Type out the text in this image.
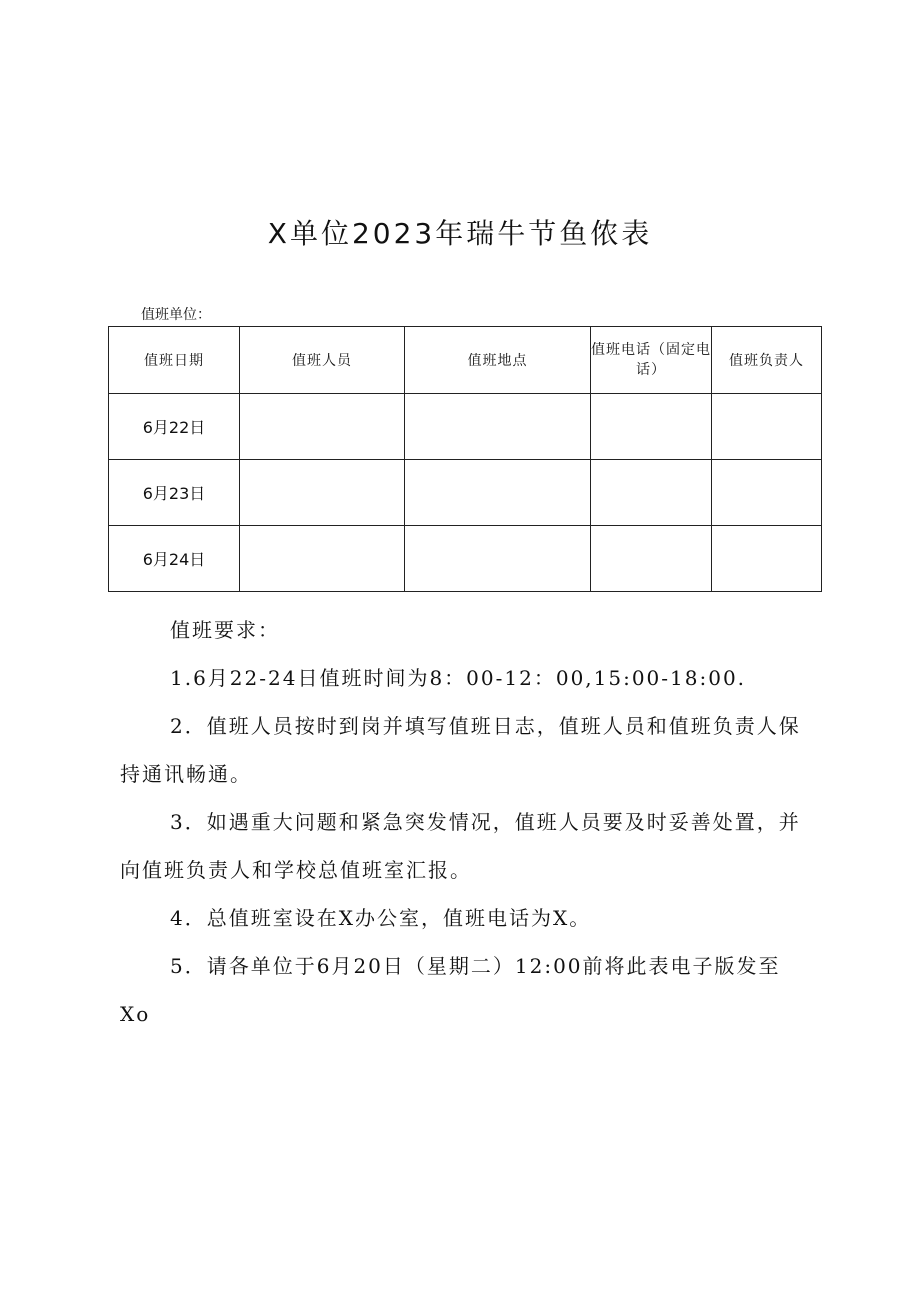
X单位2023年瑞牛节鱼侬表
值班单位：
值班日期	值班人员	值班地点	值班电话（固定电话）	值班负责人
6月22日				
6月23日				
6月24日				
值班要求：
1.6月22-24日值班时间为8：00-12：00,15:00-18:00.
2．值班人员按时到岗并填写值班日志，值班人员和值班负责人保持通讯畅通。
3．如遇重大问题和紧急突发情况，值班人员要及时妥善处置，并向值班负责人和学校总值班室汇报。
4．总值班室设在X办公室，值班电话为X。
5．请各单位于6月20日（星期二）12:00前将此表电子版发至Xo
